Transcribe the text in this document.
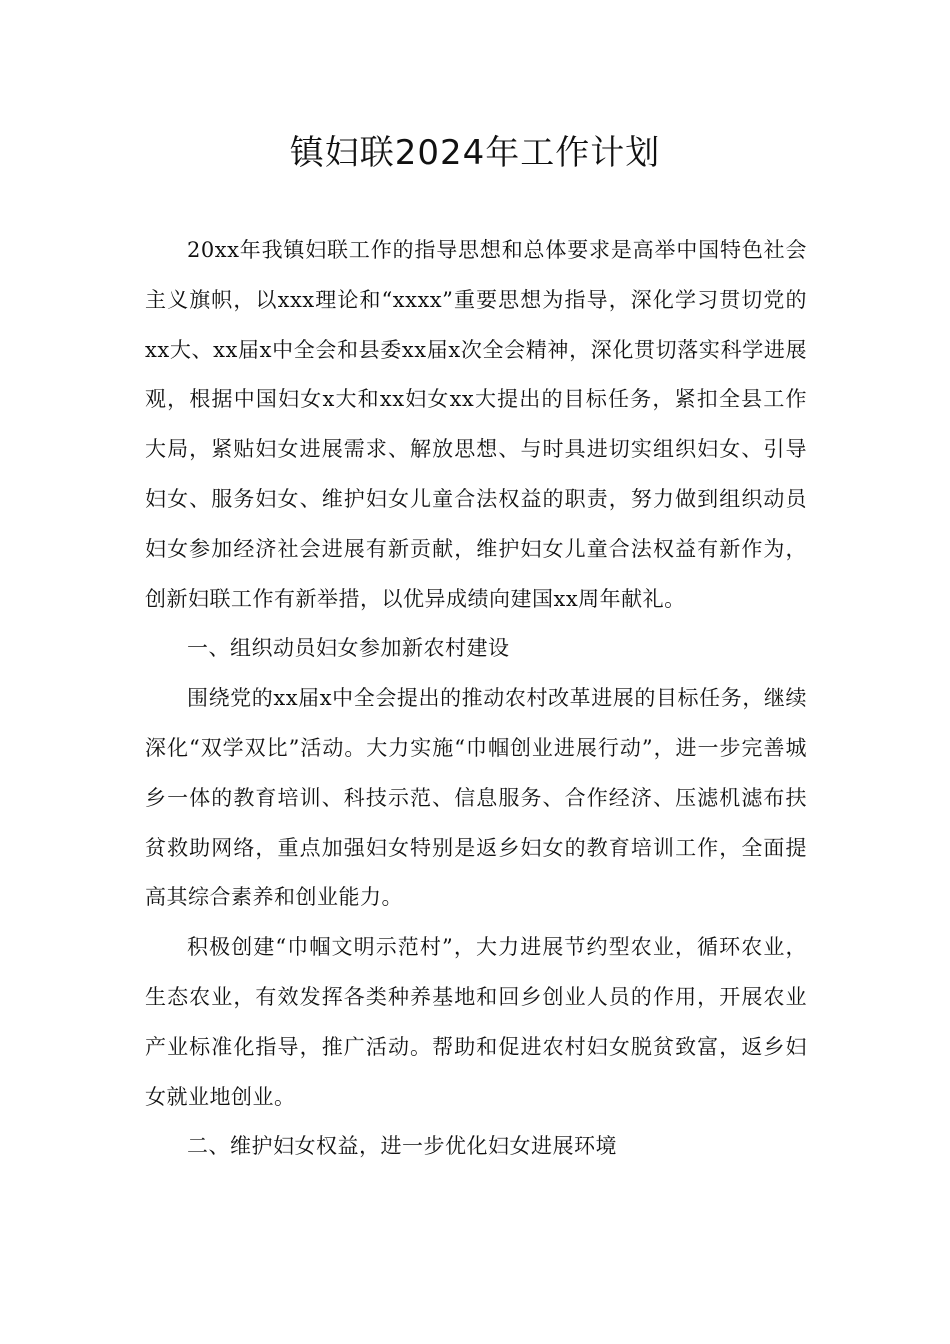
镇妇联2024年工作计划

20xx年我镇妇联工作的指导思想和总体要求是高举中国特色社会主义旗帜，以xxx理论和“xxxx”重要思想为指导，深化学习贯切党的xx大、xx届x中全会和县委xx届x次全会精神，深化贯切落实科学进展观，根据中国妇女x大和xx妇女xx大提出的目标任务，紧扣全县工作大局，紧贴妇女进展需求、解放思想、与时具进切实组织妇女、引导妇女、服务妇女、维护妇女儿童合法权益的职责，努力做到组织动员妇女参加经济社会进展有新贡献，维护妇女儿童合法权益有新作为，创新妇联工作有新举措，以优异成绩向建国xx周年献礼。

一、组织动员妇女参加新农村建设

围绕党的xx届x中全会提出的推动农村改革进展的目标任务，继续深化“双学双比”活动。大力实施“巾帼创业进展行动”，进一步完善城乡一体的教育培训、科技示范、信息服务、合作经济、压滤机滤布扶贫救助网络，重点加强妇女特别是返乡妇女的教育培训工作，全面提高其综合素养和创业能力。

积极创建“巾帼文明示范村”，大力进展节约型农业，循环农业，生态农业，有效发挥各类种养基地和回乡创业人员的作用，开展农业产业标准化指导，推广活动。帮助和促进农村妇女脱贫致富，返乡妇女就业地创业。

二、维护妇女权益，进一步优化妇女进展环境
